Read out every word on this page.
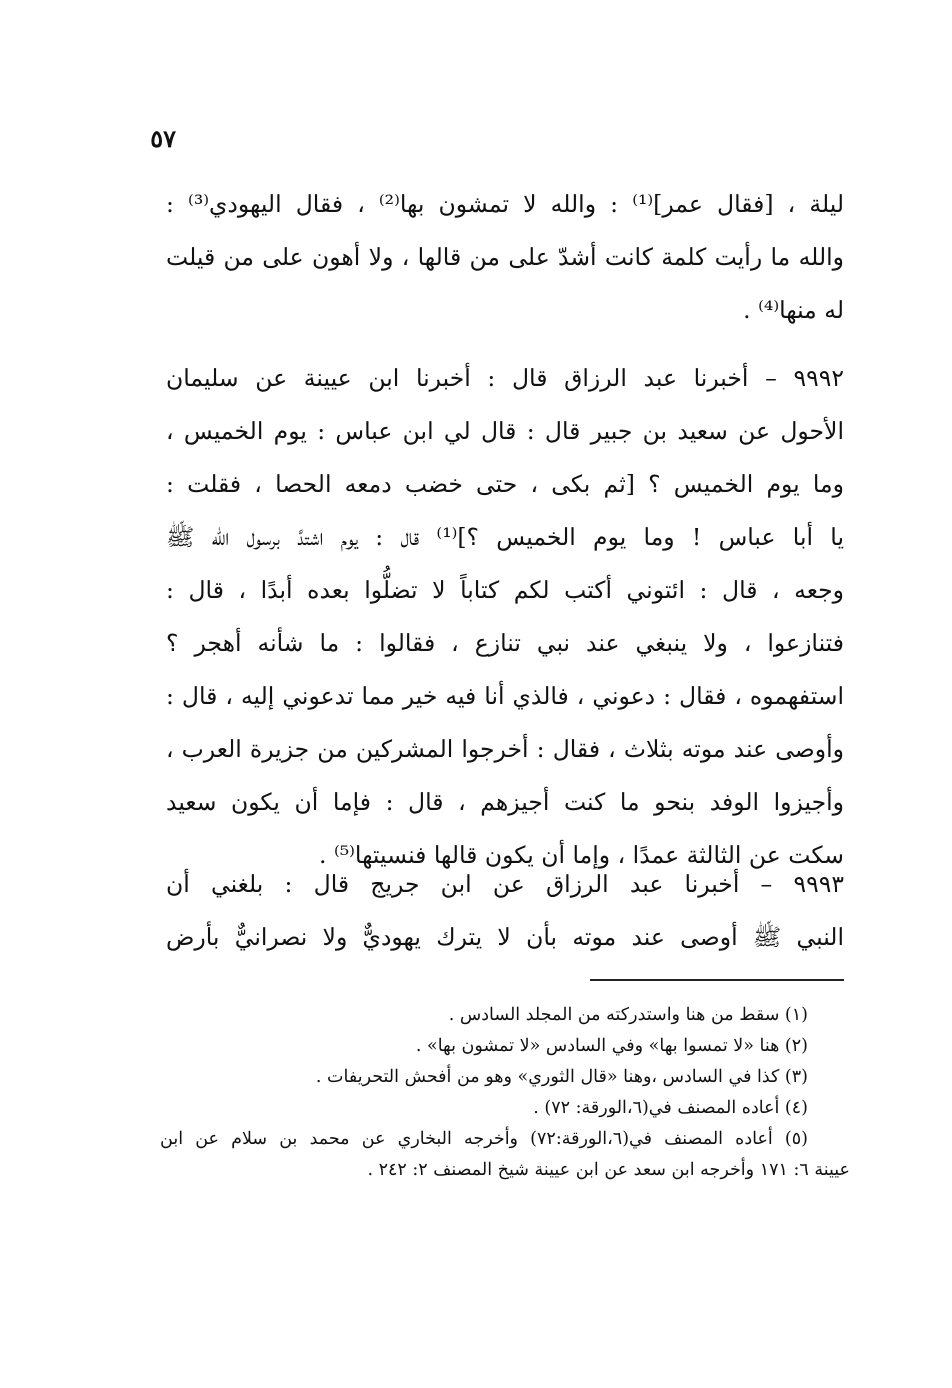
٥٧
ليلة ، [فقال عمر]⁽¹⁾ : والله لا تمشون بها⁽²⁾ ، فقال اليهودي⁽³⁾ :
والله ما رأيت كلمة كانت أشدّ على من قالها ، ولا أهون على من قيلت
له منها⁽⁴⁾ .
٩٩٩٢ – أخبرنا عبد الرزاق قال : أخبرنا ابن عيينة عن سليمان
الأحول عن سعيد بن جبير قال : قال لي ابن عباس : يوم الخميس ،
وما يوم الخميس ؟ [ثم بكى ، حتى خضب دمعه الحصا ، فقلت :
يا أبا عباس ! وما يوم الخميس ؟]⁽¹⁾ قال : يوم اشتدَّ برسول الله ﷺ
وجعه ، قال : ائتوني أكتب لكم كتاباً لا تضلُّوا بعده أبدًا ، قال :
فتنازعوا ، ولا ينبغي عند نبي تنازع ، فقالوا : ما شأنه أهجر ؟
استفهموه ، فقال : دعوني ، فالذي أنا فيه خير مما تدعوني إليه ، قال :
وأوصى عند موته بثلاث ، فقال : أخرجوا المشركين من جزيرة العرب ،
وأجيزوا الوفد بنحو ما كنت أجيزهم ، قال : فإما أن يكون سعيد
سكت عن الثالثة عمدًا ، وإما أن يكون قالها فنسيتها⁽⁵⁾ .
٩٩٩٣ – أخبرنا عبد الرزاق عن ابن جريج قال : بلغني أن
النبي ﷺ أوصى عند موته بأن لا يترك يهوديٌّ ولا نصرانيٌّ بأرض
(١) سقط من هنا واستدركته من المجلد السادس .
(٢) هنا «لا تمسوا بها» وفي السادس «لا تمشون بها» .
(٣) كذا في السادس ،وهنا «قال الثوري» وهو من أفحش التحريفات .
(٤) أعاده المصنف في(٦،الورقة: ٧٢) .
(٥) أعاده المصنف في(٦،الورقة:٧٢) وأخرجه البخاري عن محمد بن سلام عن ابن
عيينة ٦: ١٧١ وأخرجه ابن سعد عن ابن عيينة شيخ المصنف ٢: ٢٤٢ .
